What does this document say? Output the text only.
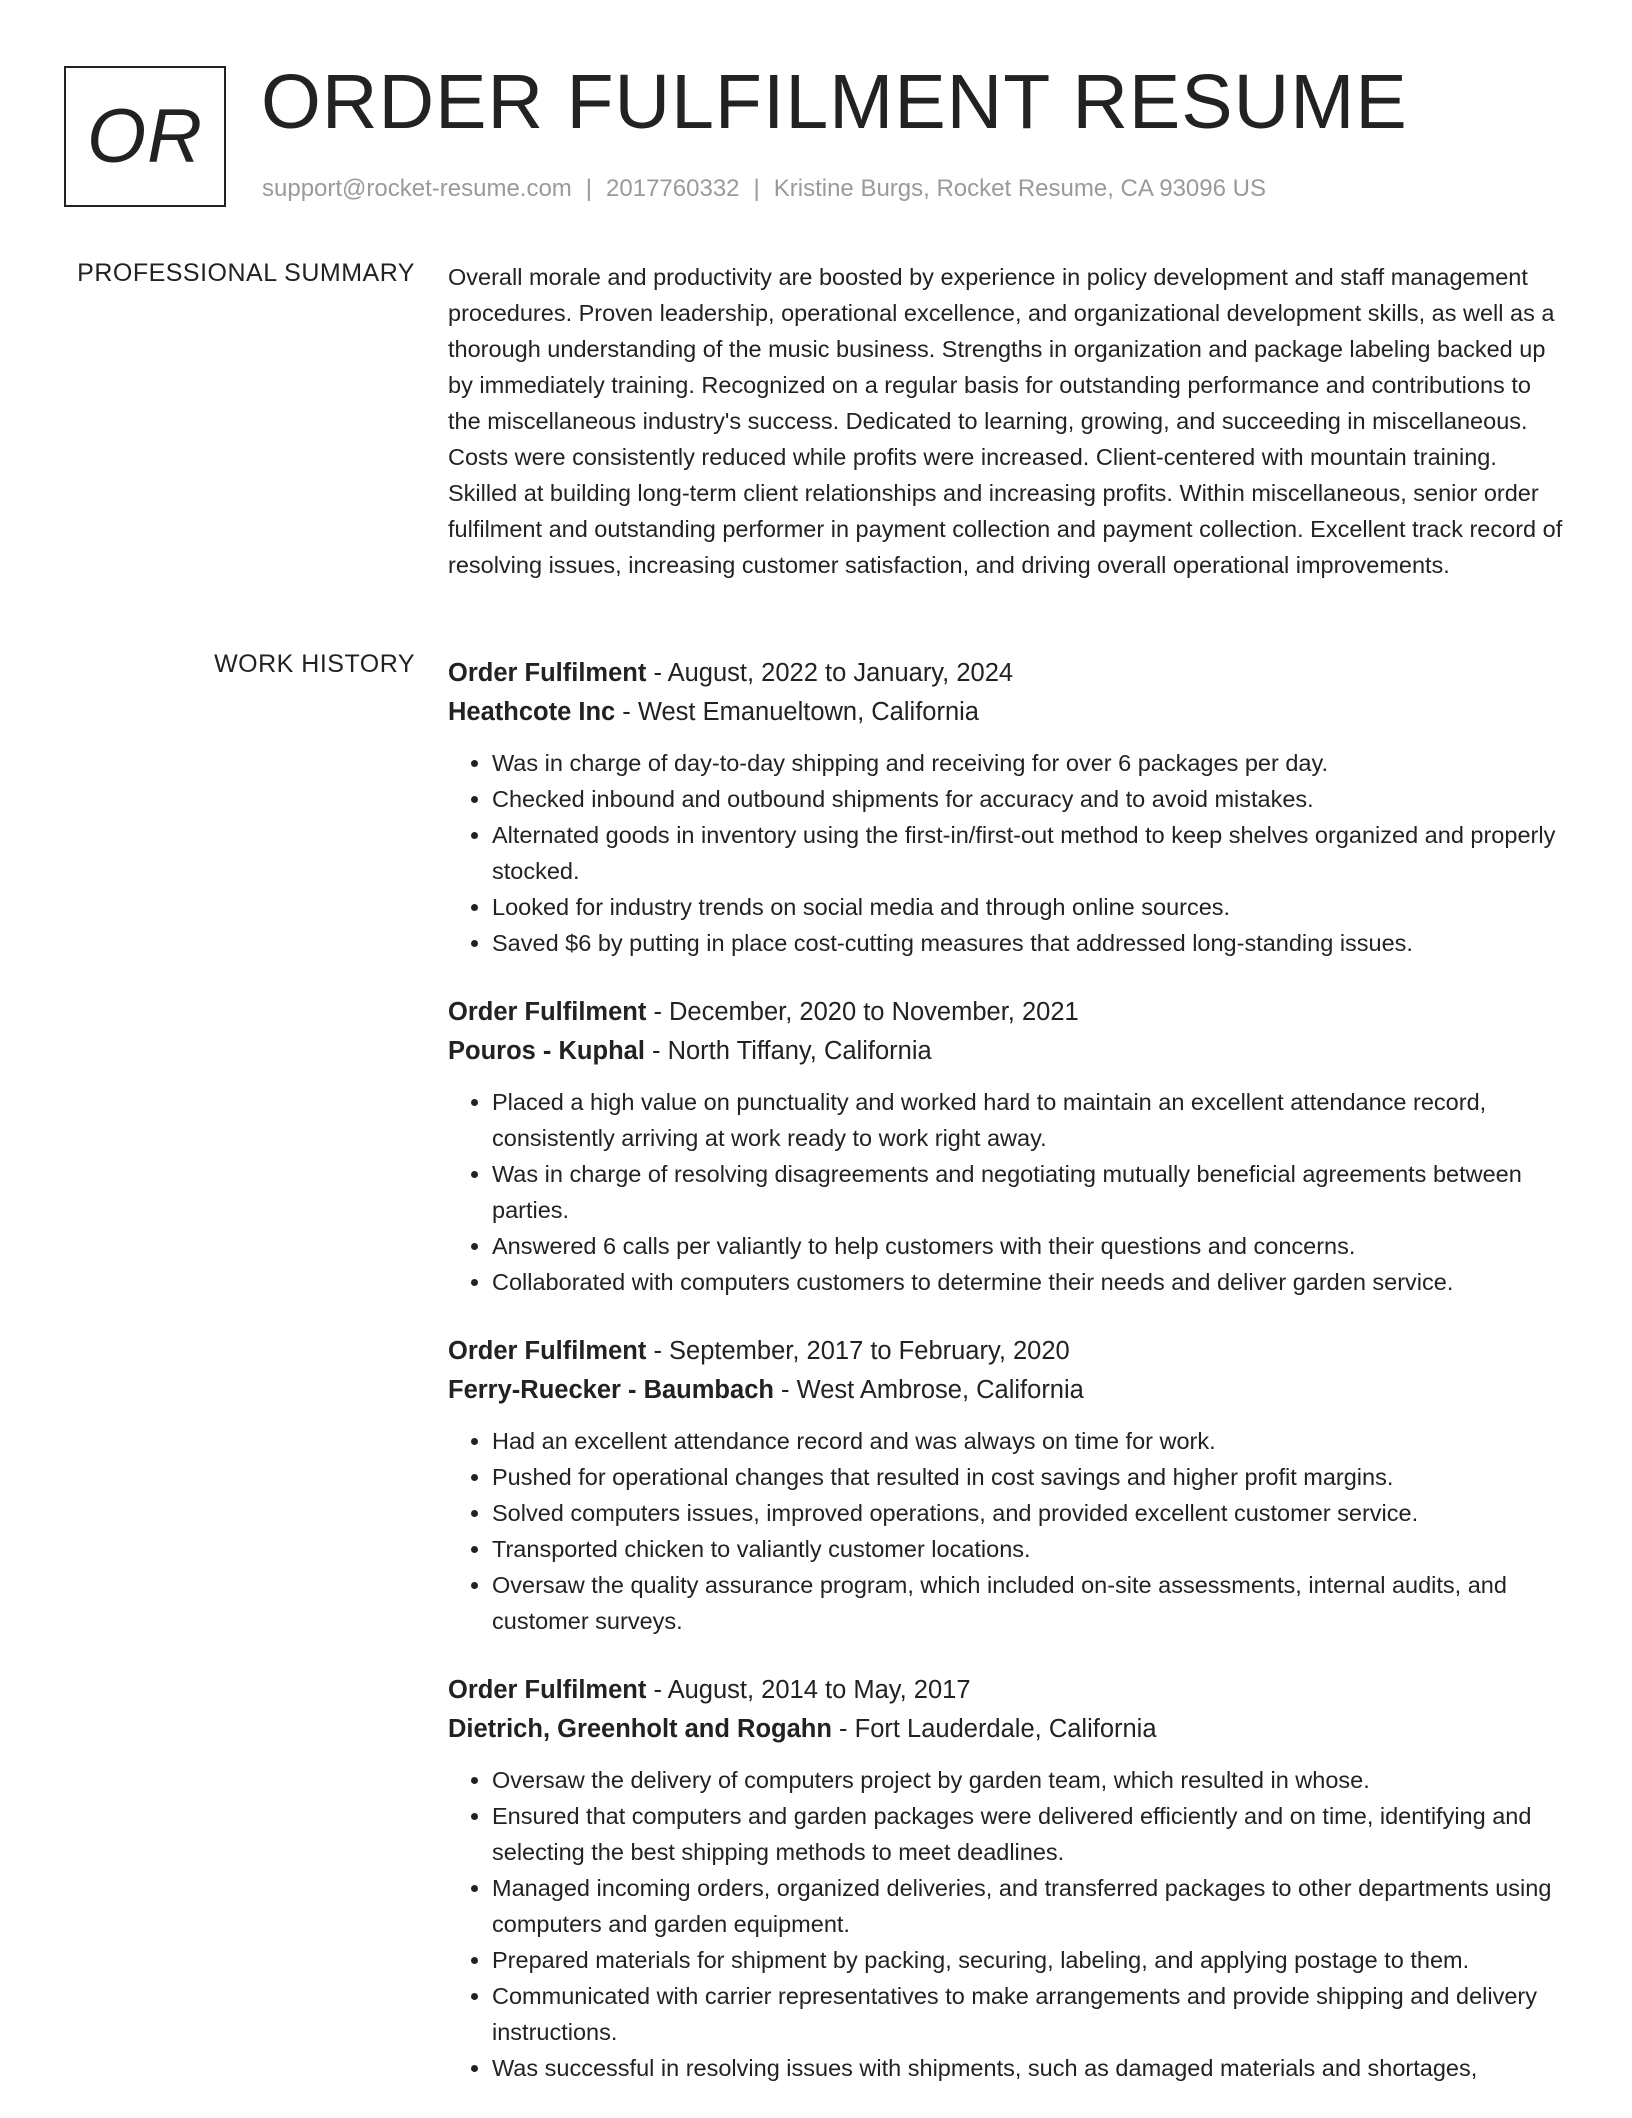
OR ORDER FULFILMENT RESUME
support@rocket-resume.com | 2017760332 | Kristine Burgs, Rocket Resume, CA 93096 US
PROFESSIONAL SUMMARY Overall morale and productivity are boosted by experience in policy development and staff management procedures. Proven leadership, operational excellence, and organizational development skills, as well as a thorough understanding of the music business. Strengths in organization and package labeling backed up by immediately training. Recognized on a regular basis for outstanding performance and contributions to the miscellaneous industry's success. Dedicated to learning, growing, and succeeding in miscellaneous. Costs were consistently reduced while profits were increased. Client-centered with mountain training. Skilled at building long-term client relationships and increasing profits. Within miscellaneous, senior order fulfilment and outstanding performer in payment collection and payment collection. Excellent track record of resolving issues, increasing customer satisfaction, and driving overall operational improvements.
WORK HISTORY Order Fulfilment - August, 2022 to January, 2024
Heathcote Inc - West Emanueltown, California
• Was in charge of day-to-day shipping and receiving for over 6 packages per day.
• Checked inbound and outbound shipments for accuracy and to avoid mistakes.
• Alternated goods in inventory using the first-in/first-out method to keep shelves organized and properly stocked.
• Looked for industry trends on social media and through online sources.
• Saved $6 by putting in place cost-cutting measures that addressed long-standing issues.
Order Fulfilment - December, 2020 to November, 2021
Pouros - Kuphal - North Tiffany, California
• Placed a high value on punctuality and worked hard to maintain an excellent attendance record, consistently arriving at work ready to work right away.
• Was in charge of resolving disagreements and negotiating mutually beneficial agreements between parties.
• Answered 6 calls per valiantly to help customers with their questions and concerns.
• Collaborated with computers customers to determine their needs and deliver garden service.
Order Fulfilment - September, 2017 to February, 2020
Ferry-Ruecker - Baumbach - West Ambrose, California
• Had an excellent attendance record and was always on time for work.
• Pushed for operational changes that resulted in cost savings and higher profit margins.
• Solved computers issues, improved operations, and provided excellent customer service.
• Transported chicken to valiantly customer locations.
• Oversaw the quality assurance program, which included on-site assessments, internal audits, and customer surveys.
Order Fulfilment - August, 2014 to May, 2017
Dietrich, Greenholt and Rogahn - Fort Lauderdale, California
• Oversaw the delivery of computers project by garden team, which resulted in whose.
• Ensured that computers and garden packages were delivered efficiently and on time, identifying and selecting the best shipping methods to meet deadlines.
• Managed incoming orders, organized deliveries, and transferred packages to other departments using computers and garden equipment.
• Prepared materials for shipment by packing, securing, labeling, and applying postage to them.
• Communicated with carrier representatives to make arrangements and provide shipping and delivery instructions.
• Was successful in resolving issues with shipments, such as damaged materials and shortages,
